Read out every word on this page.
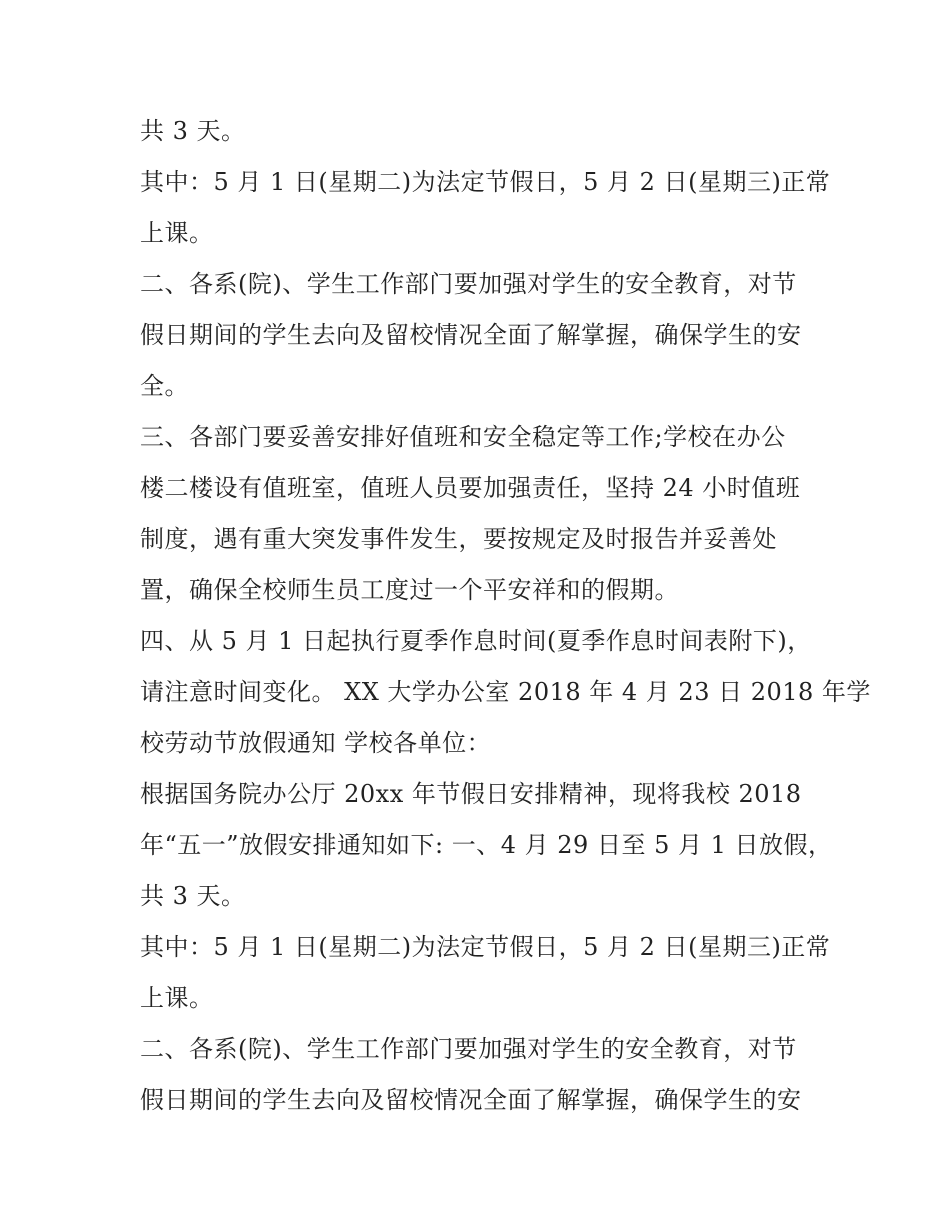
共 3 天。
其中：5 月 1 日(星期二)为法定节假日，5 月 2 日(星期三)正常
上课。
二、各系(院)、学生工作部门要加强对学生的安全教育，对节
假日期间的学生去向及留校情况全面了解掌握，确保学生的安
全。
三、各部门要妥善安排好值班和安全稳定等工作;学校在办公
楼二楼设有值班室，值班人员要加强责任，坚持 24 小时值班
制度，遇有重大突发事件发生，要按规定及时报告并妥善处
置，确保全校师生员工度过一个平安祥和的假期。
四、从 5 月 1 日起执行夏季作息时间(夏季作息时间表附下)，
请注意时间变化。 XX 大学办公室 2018 年 4 月 23 日 2018 年学
校劳动节放假通知 学校各单位：
根据国务院办公厅 20xx 年节假日安排精神，现将我校 2018
年“五一”放假安排通知如下: 一、4 月 29 日至 5 月 1 日放假，
共 3 天。
其中：5 月 1 日(星期二)为法定节假日，5 月 2 日(星期三)正常
上课。
二、各系(院)、学生工作部门要加强对学生的安全教育，对节
假日期间的学生去向及留校情况全面了解掌握，确保学生的安
